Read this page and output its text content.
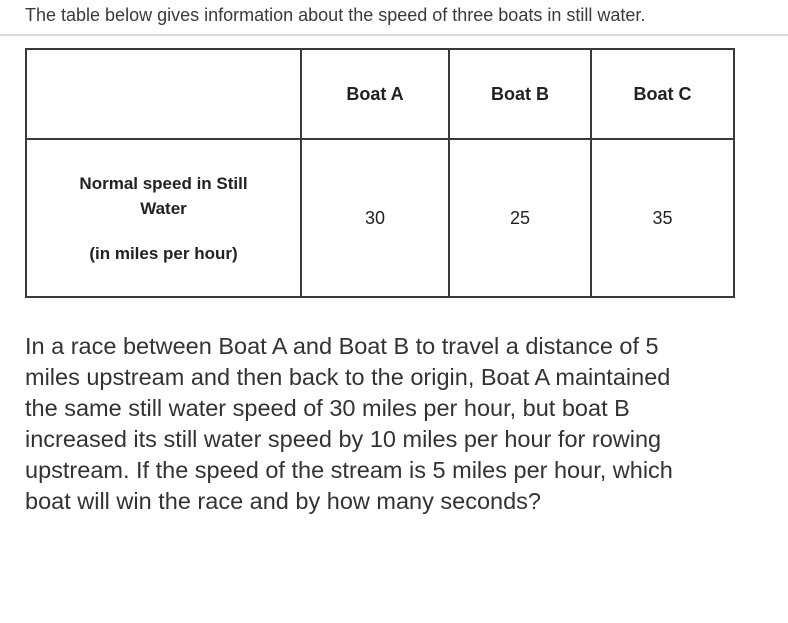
The table below gives information about the speed of three boats in still water.
	Boat A	Boat B	Boat C

Normal speed in Still
Water
(in miles per hour)	30	25	35
In a race between Boat A and Boat B to travel a distance of 5 miles upstream and then back to the origin, Boat A maintained the same still water speed of 30 miles per hour, but boat B increased its still water speed by 10 miles per hour for rowing upstream. If the speed of the stream is 5 miles per hour, which boat will win the race and by how many seconds?
